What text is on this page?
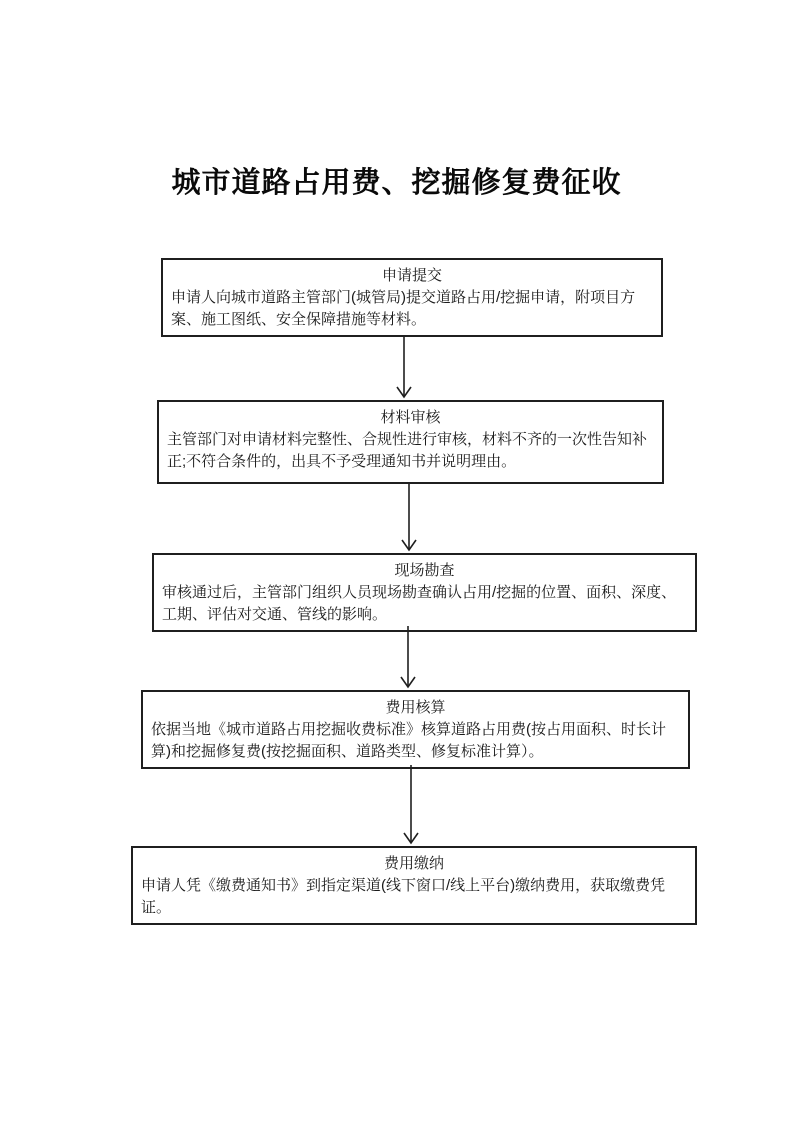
城市道路占用费、挖掘修复费征收
申请提交
申请人向城市道路主管部门(城管局)提交道路占用/挖掘申请，附项目方案、施工图纸、安全保障措施等材料。
材料审核
主管部门对申请材料完整性、合规性进行审核，材料不齐的一次性告知补正;不符合条件的，出具不予受理通知书并说明理由。
现场勘查
审核通过后，主管部门组织人员现场勘查确认占用/挖掘的位置、面积、深度、工期、评估对交通、管线的影响。
费用核算
依据当地《城市道路占用挖掘收费标准》核算道路占用费(按占用面积、时长计算)和挖掘修复费(按挖掘面积、道路类型、修复标准计算）。
费用缴纳
申请人凭《缴费通知书》到指定渠道(线下窗口/线上平台)缴纳费用，获取缴费凭证。
